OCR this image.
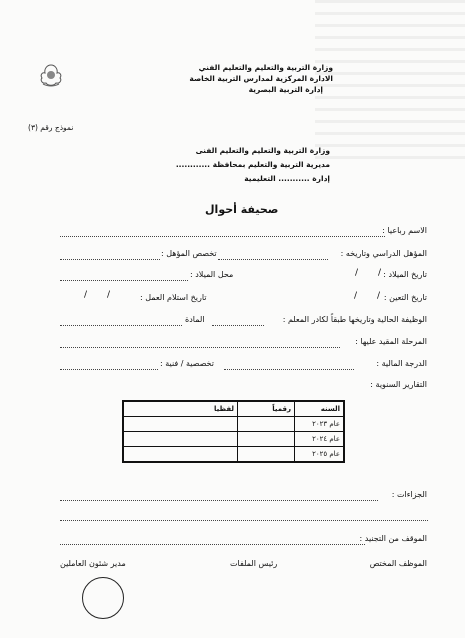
وزارة التربية والتعليم والتعليم الفني
الادارة المركزية لمدارس التربية الخاصة
إدارة التربية البصرية
نموذج رقم (٣)
وزارة التربية والتعليم والتعليم الفنى
مديرية التربية والتعليم بمحافظة ............
إدارة ........... التعليمية
صحيفة أحوال
الاسم رباعيا :
المؤهل الدراسي وتاريخه :
تخصص المؤهل :
تاريخ الميلاد :
/
/
محل الميلاد :
تاريخ التعين :
/
/
تاريخ استلام العمل :
/
/
الوظيفة الحالية وتاريخها طبقاً لكادر المعلم :
المادة
المرحلة المقيد عليها :
الدرجة المالية :
تخصصية / فنية :
التقارير السنوية :
السنه	رقمياً	لفظيا
عام ٢٠٢٣		
عام ٢٠٢٤		
عام ٢٠٢٥		
الجزاءات :
الموقف من التجنيد :
الموظف المختص
رئيس الملفات
مدير شئون العاملين
